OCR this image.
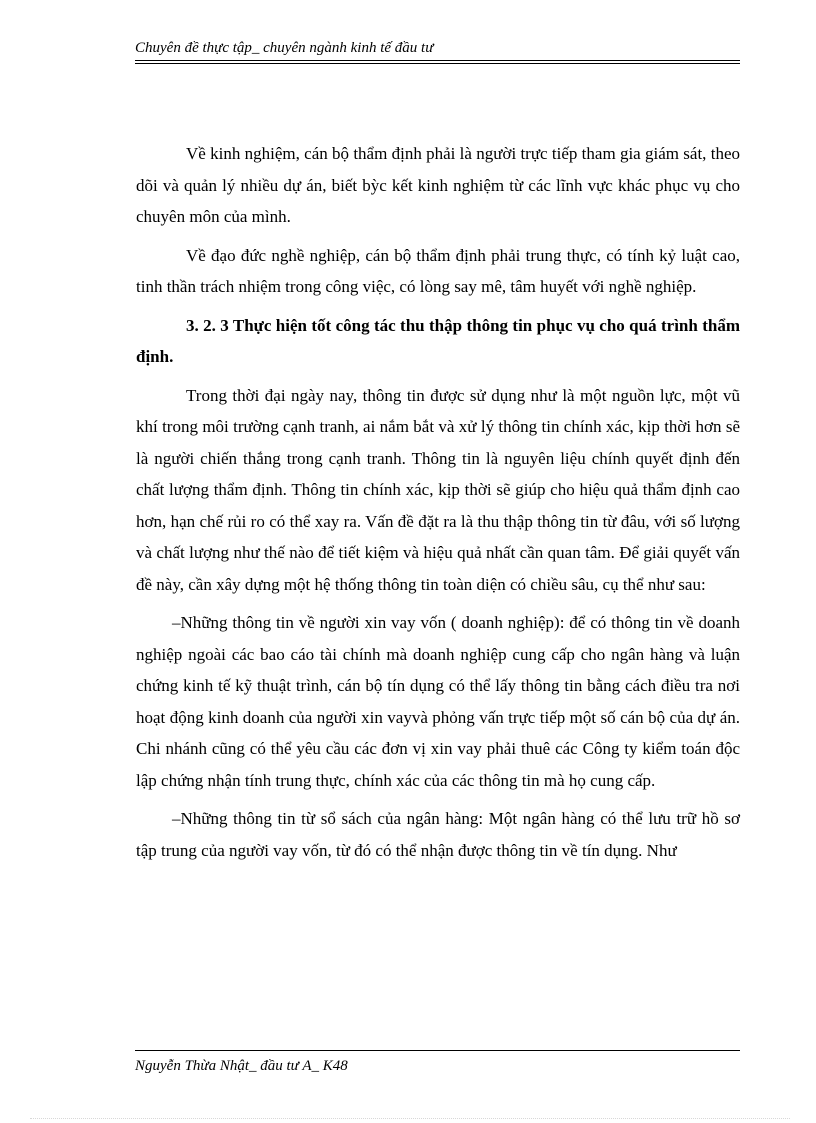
Chuyên đề thực tập_ chuyên ngành kinh tế đầu tư

Về kinh nghiệm, cán bộ thẩm định phải là người trực tiếp tham gia giám sát, theo dõi và quản lý nhiều dự án, biết bỳc kết kinh nghiệm từ các lĩnh vực khác phục vụ cho chuyên môn của mình.

Về đạo đức nghề nghiệp, cán bộ thẩm định phải trung thực, có tính kỷ luật cao, tinh thần trách nhiệm trong công việc, có lòng say mê, tâm huyết với nghề nghiệp.

3. 2. 3 Thực hiện tốt công tác thu thập thông tin phục vụ cho quá trình thẩm định.

Trong thời đại ngày nay, thông tin được sử dụng như là một nguồn lực, một vũ khí trong môi trường cạnh tranh, ai nắm bắt và xử lý thông tin chính xác, kịp thời hơn sẽ là người chiến thắng trong cạnh tranh. Thông tin là nguyên liệu chính quyết định đến chất lượng thẩm định. Thông tin chính xác, kịp thời sẽ giúp cho hiệu quả thẩm định cao hơn, hạn chế rủi ro có thể xay ra. Vấn đề đặt ra là thu thập thông tin từ đâu, với số lượng và chất lượng như thế nào để tiết kiệm và hiệu quả nhất cần quan tâm. Để giải quyết vấn đề này, cần xây dựng một hệ thống thông tin toàn diện có chiều sâu, cụ thể như sau:

–Những thông tin về người xin vay vốn ( doanh nghiệp): để có thông tin về doanh nghiệp ngoài các bao cáo tài chính mà doanh nghiệp cung cấp cho ngân hàng và luận chứng kinh tế kỹ thuật trình, cán bộ tín dụng có thể lấy thông tin bằng cách điều tra nơi hoạt động kinh doanh của người xin vayvà phỏng vấn trực tiếp một số cán bộ của dự án. Chi nhánh cũng có thể yêu cầu các đơn vị xin vay phải thuê các Công ty kiểm toán độc lập chứng nhận tính trung thực, chính xác của các thông tin mà họ cung cấp.

–Những thông tin từ sổ sách của ngân hàng: Một ngân hàng có thể lưu trữ hồ sơ tập trung của người vay vốn, từ đó có thể nhận được thông tin về tín dụng. Như

Nguyễn Thừa Nhật_ đầu tư A_ K48
